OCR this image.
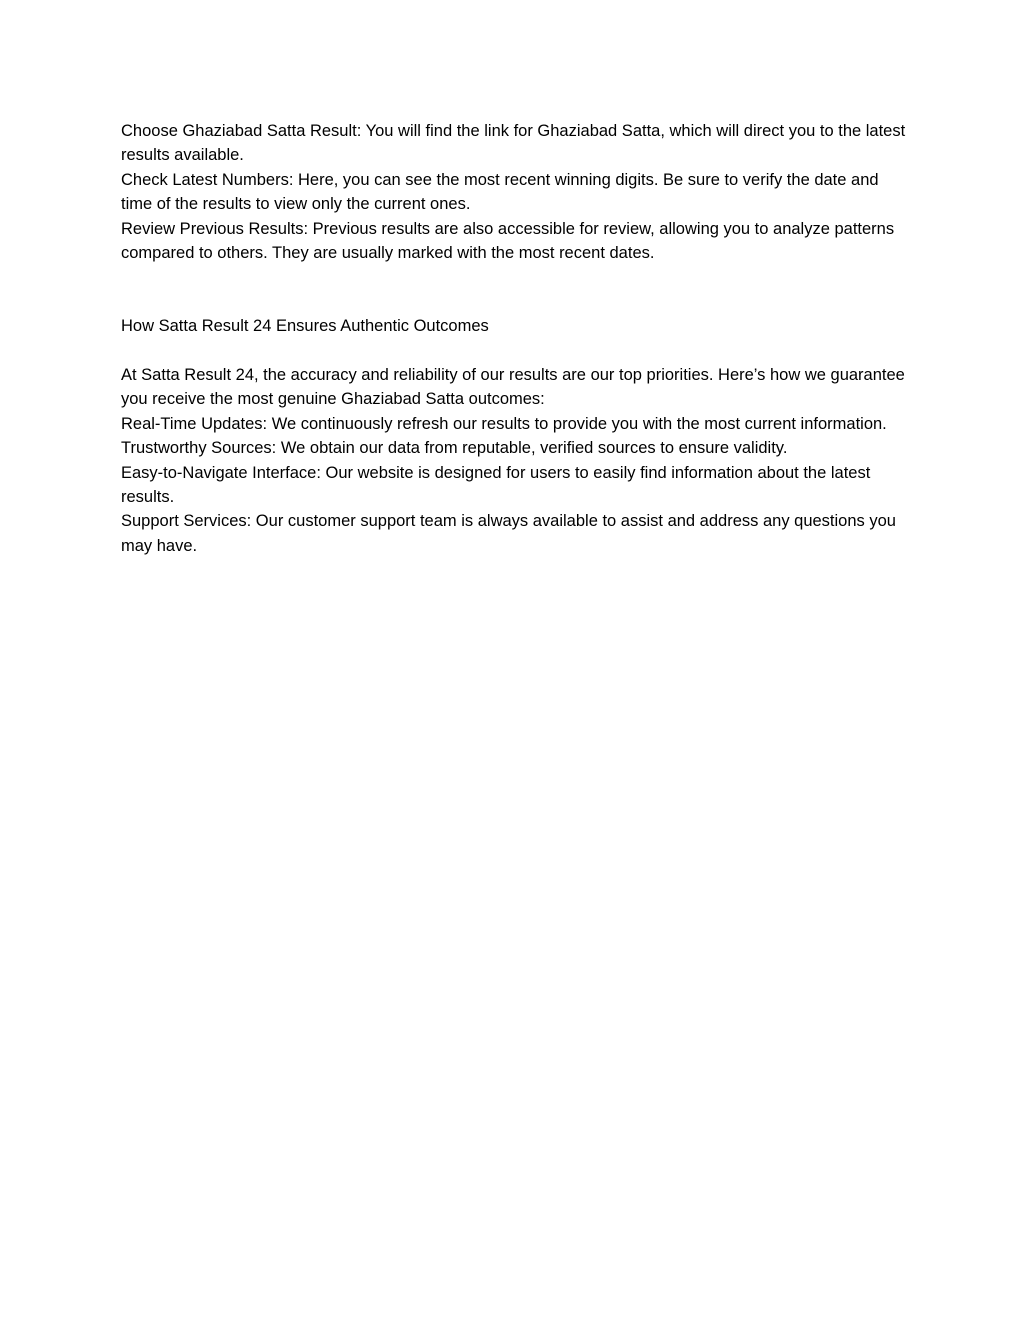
Choose Ghaziabad Satta Result: You will find the link for Ghaziabad Satta, which will direct you to the latest results available.

Check Latest Numbers: Here, you can see the most recent winning digits. Be sure to verify the date and time of the results to view only the current ones.

Review Previous Results: Previous results are also accessible for review, allowing you to analyze patterns compared to others. They are usually marked with the most recent dates.

How Satta Result 24 Ensures Authentic Outcomes

At Satta Result 24, the accuracy and reliability of our results are our top priorities. Here’s how we guarantee you receive the most genuine Ghaziabad Satta outcomes:

Real-Time Updates: We continuously refresh our results to provide you with the most current information.

Trustworthy Sources: We obtain our data from reputable, verified sources to ensure validity.

Easy-to-Navigate Interface: Our website is designed for users to easily find information about the latest results.

Support Services: Our customer support team is always available to assist and address any questions you may have.
